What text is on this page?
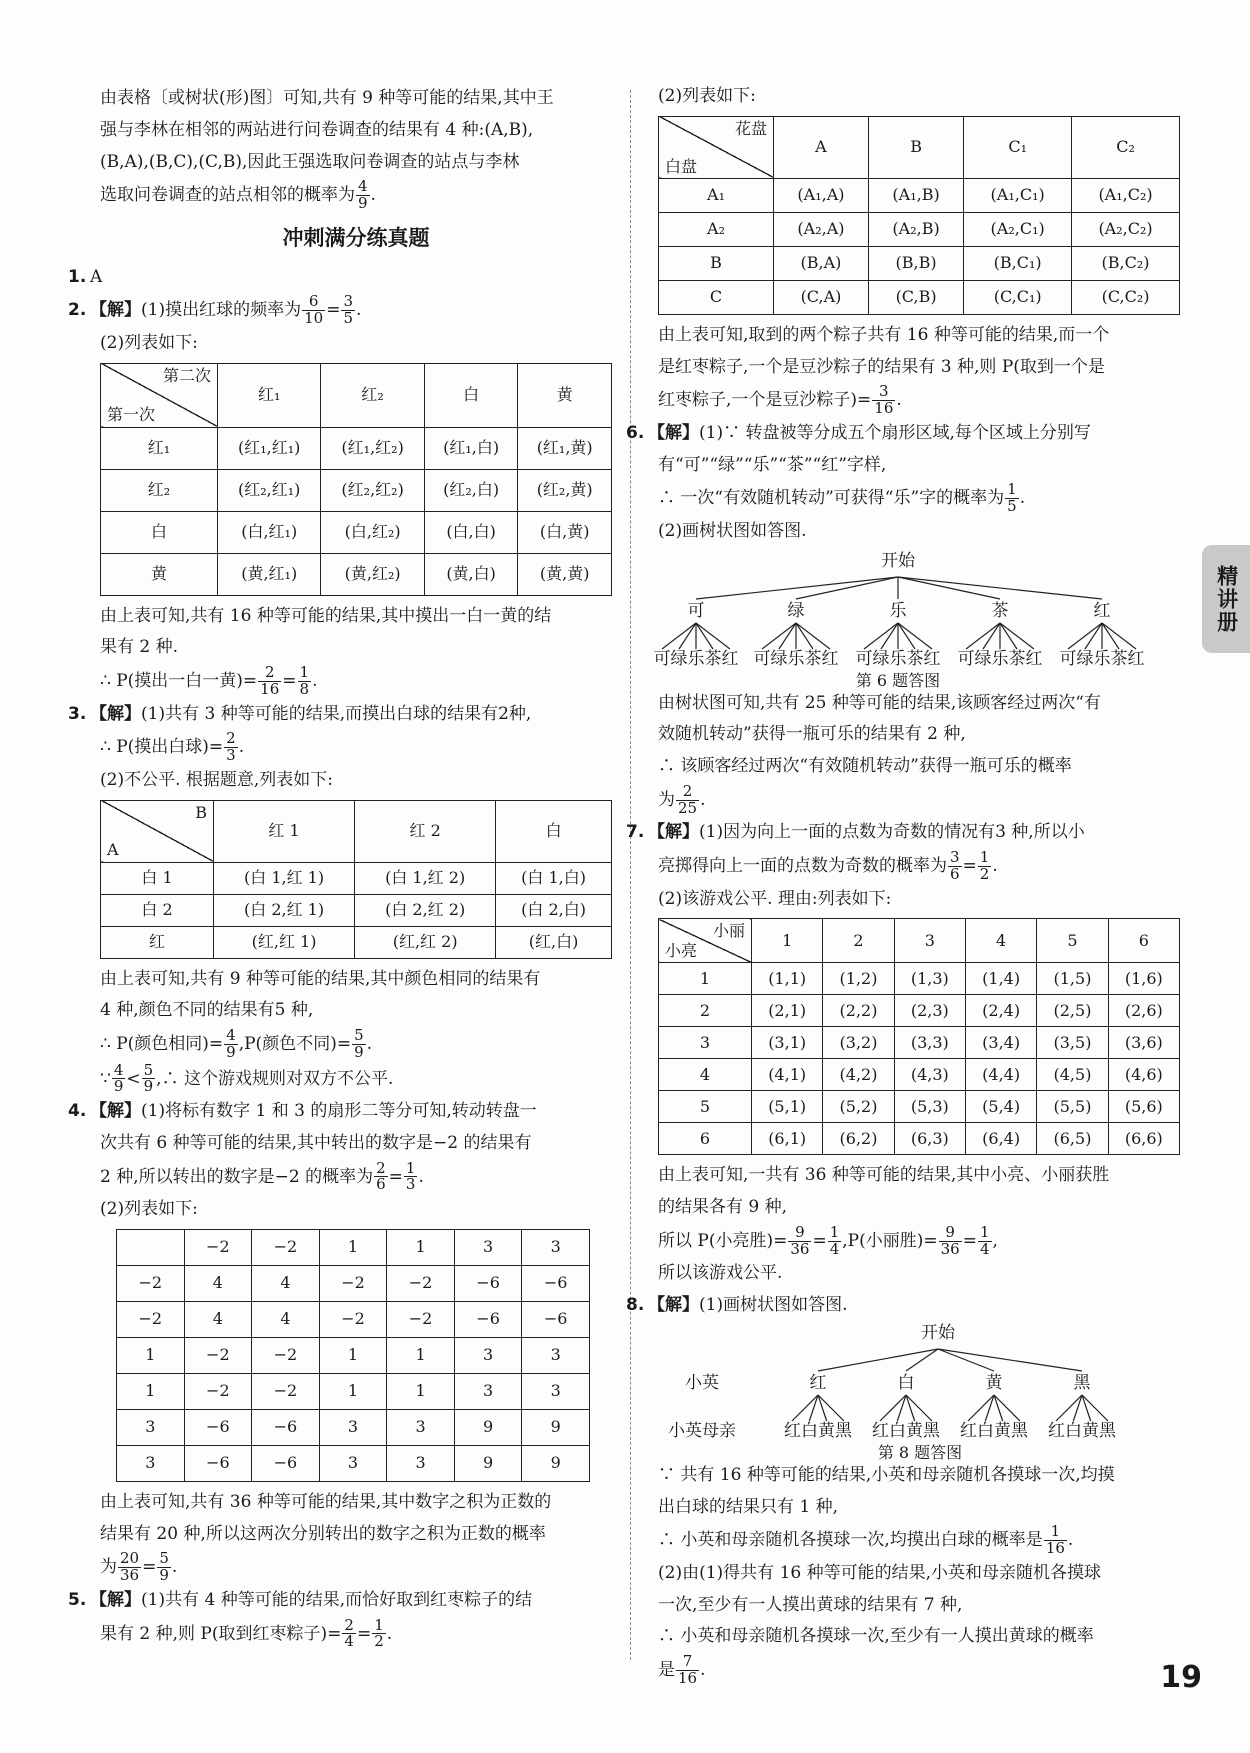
由表格〔或树状(形)图〕可知,共有 9 种等可能的结果,其中王

强与李林在相邻的两站进行问卷调查的结果有 4 种:(A,B),

(B,A),(B,C),(C,B),因此王强选取问卷调查的站点与李林

选取问卷调查的站点相邻的概率为 $\frac{4}{9}$ .

冲刺满分练真题

1. A

2. 【解】(1)摸出红球的频率为 $\frac{6}{10} = \frac{3}{5}$ .

(2)列表如下:

第二次
第一次	红₁	红₂	白	黄
红₁	(红₁,红₁)	(红₁,红₂)	(红₁,白)	(红₁,黄)
红₂	(红₂,红₁)	(红₂,红₂)	(红₂,白)	(红₂,黄)
白	(白,红₁)	(白,红₂)	(白,白)	(白,黄)
黄	(黄,红₁)	(黄,红₂)	(黄,白)	(黄,黄)

由上表可知,共有 16 种等可能的结果,其中摸出一白一黄的结

果有 2 种.

∴ P(摸出一白一黄)= $\frac{2}{16} = \frac{1}{8}$ .

3. 【解】(1)共有 3 种等可能的结果,而摸出白球的结果有2种,

∴ P(摸出白球)= $\frac{2}{3}$ .

(2)不公平. 根据题意,列表如下:

B
A	红 1	红 2	白
白 1	(白 1,红 1)	(白 1,红 2)	(白 1,白)
白 2	(白 2,红 1)	(白 2,红 2)	(白 2,白)
红	(红,红 1)	(红,红 2)	(红,白)

由上表可知,共有 9 种等可能的结果,其中颜色相同的结果有

4 种,颜色不同的结果有5 种,

∴ P(颜色相同)= $\frac{4}{9} ,P$(颜色不同)= $\frac{5}{9}$ .

∵ $\frac{4}{9} < \frac{5}{9}$ ,∴ 这个游戏规则对双方不公平.

4. 【解】(1)将标有数字 1 和 3 的扇形二等分可知,转动转盘一

次共有 6 种等可能的结果,其中转出的数字是−2 的结果有

2 种,所以转出的数字是−2 的概率为 $\frac{2}{6} = \frac{1}{3}$ .

(2)列表如下:

	−2	−2	1	1	3	3
−2	4	4	−2	−2	−6	−6
−2	4	4	−2	−2	−6	−6
1	−2	−2	1	1	3	3
1	−2	−2	1	1	3	3
3	−6	−6	3	3	9	9
3	−6	−6	3	3	9	9

由上表可知,共有 36 种等可能的结果,其中数字之积为正数的

结果有 20 种,所以这两次分别转出的数字之积为正数的概率

为 $\frac{20}{36} = \frac{5}{9}$ .

5. 【解】(1)共有 4 种等可能的结果,而恰好取到红枣粽子的结

果有 2 种,则 P(取到红枣粽子)= $\frac{2}{4} = \frac{1}{2}$ .

(2)列表如下:

花盘
白盘	A	B	C₁	C₂
A₁	(A₁,A)	(A₁,B)	(A₁,C₁)	(A₁,C₂)
A₂	(A₂,A)	(A₂,B)	(A₂,C₁)	(A₂,C₂)
B	(B,A)	(B,B)	(B,C₁)	(B,C₂)
C	(C,A)	(C,B)	(C,C₁)	(C,C₂)

由上表可知,取到的两个粽子共有 16 种等可能的结果,而一个

是红枣粽子,一个是豆沙粽子的结果有 3 种,则 P(取到一个是

红枣粽子,一个是豆沙粽子)= $\frac{3}{16}$ .

6. 【解】(1)∵ 转盘被等分成五个扇形区域,每个区域上分别写

有“可”“绿”“乐”“茶”“红”字样,

∴ 一次“有效随机转动”可获得“乐”字的概率为 $\frac{1}{5}$ .

(2)画树状图如答图.

开始
可	绿	乐	茶	红
可绿乐茶红 可绿乐茶红 可绿乐茶红 可绿乐茶红 可绿乐茶红
第 6 题答图

由树状图可知,共有 25 种等可能的结果,该顾客经过两次“有

效随机转动”获得一瓶可乐的结果有 2 种,

∴ 该顾客经过两次“有效随机转动”获得一瓶可乐的概率

为 $\frac{2}{25}$ .

7. 【解】(1)因为向上一面的点数为奇数的情况有3 种,所以小

亮掷得向上一面的点数为奇数的概率为 $\frac{3}{6} = \frac{1}{2}$ .

(2)该游戏公平. 理由:列表如下:

小丽
小亮	1	2	3	4	5	6
1	(1,1)	(1,2)	(1,3)	(1,4)	(1,5)	(1,6)
2	(2,1)	(2,2)	(2,3)	(2,4)	(2,5)	(2,6)
3	(3,1)	(3,2)	(3,3)	(3,4)	(3,5)	(3,6)
4	(4,1)	(4,2)	(4,3)	(4,4)	(4,5)	(4,6)
5	(5,1)	(5,2)	(5,3)	(5,4)	(5,5)	(5,6)
6	(6,1)	(6,2)	(6,3)	(6,4)	(6,5)	(6,6)

由上表可知,一共有 36 种等可能的结果,其中小亮、小丽获胜

的结果各有 9 种,

所以 P(小亮胜)= $\frac{9}{36} = \frac{1}{4} ,P$(小丽胜)= $\frac{9}{36} = \frac{1}{4}$ ,

所以该游戏公平.

8. 【解】(1)画树状图如答图.

开始
小英	红	白	黄	黑
小英母亲	红白黄黑 红白黄黑 红白黄黑 红白黄黑
第 8 题答图

∵ 共有 16 种等可能的结果,小英和母亲随机各摸球一次,均摸

出白球的结果只有 1 种,

∴ 小英和母亲随机各摸球一次,均摸出白球的概率是 $\frac{1}{16}$ .

(2)由(1)得共有 16 种等可能的结果,小英和母亲随机各摸球

一次,至少有一人摸出黄球的结果有 7 种,

∴ 小英和母亲随机各摸球一次,至少有一人摸出黄球的概率

是 $\frac{7}{16}$ .

精讲册
19
